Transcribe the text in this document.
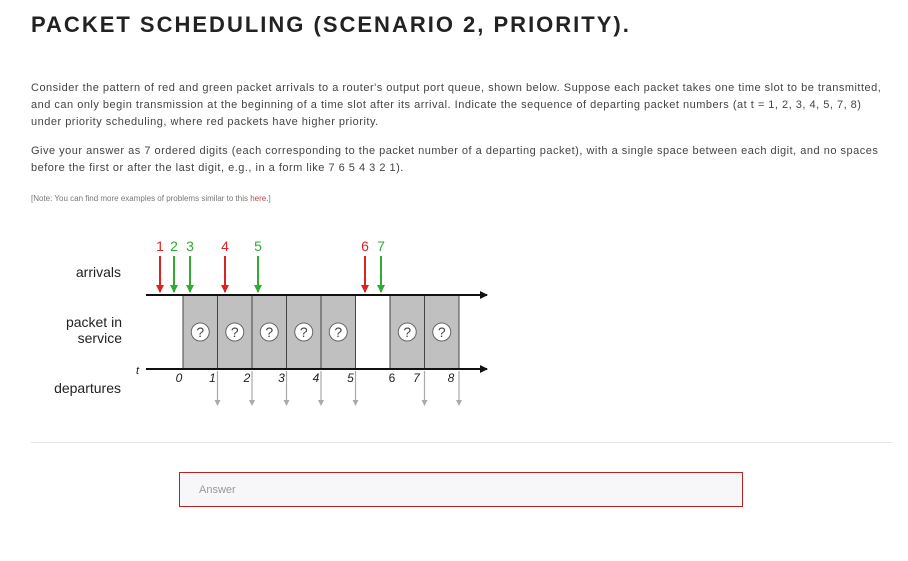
PACKET SCHEDULING (SCENARIO 2, PRIORITY).
Consider the pattern of red and green packet arrivals to a router's output port queue, shown below. Suppose each packet takes one time slot to be transmitted, and can only begin transmission at the beginning of a time slot after its arrival. Indicate the sequence of departing packet numbers (at t = 1, 2, 3, 4, 5, 7, 8) under priority scheduling, where red packets have higher priority.
Give your answer as 7 ordered digits (each corresponding to the packet number of a departing packet), with a single space between each digit, and no spaces before the first or after the last digit, e.g., in a form like 7 6 5 4 3 2 1).
[Note: You can find more examples of problems similar to this here.]
arrivals
packet in
service
departures
t
? ? ? ? ?	? ?
1 2 3 4 5	6 7
0 1 2 3 4 5	6 7 8
Answer
